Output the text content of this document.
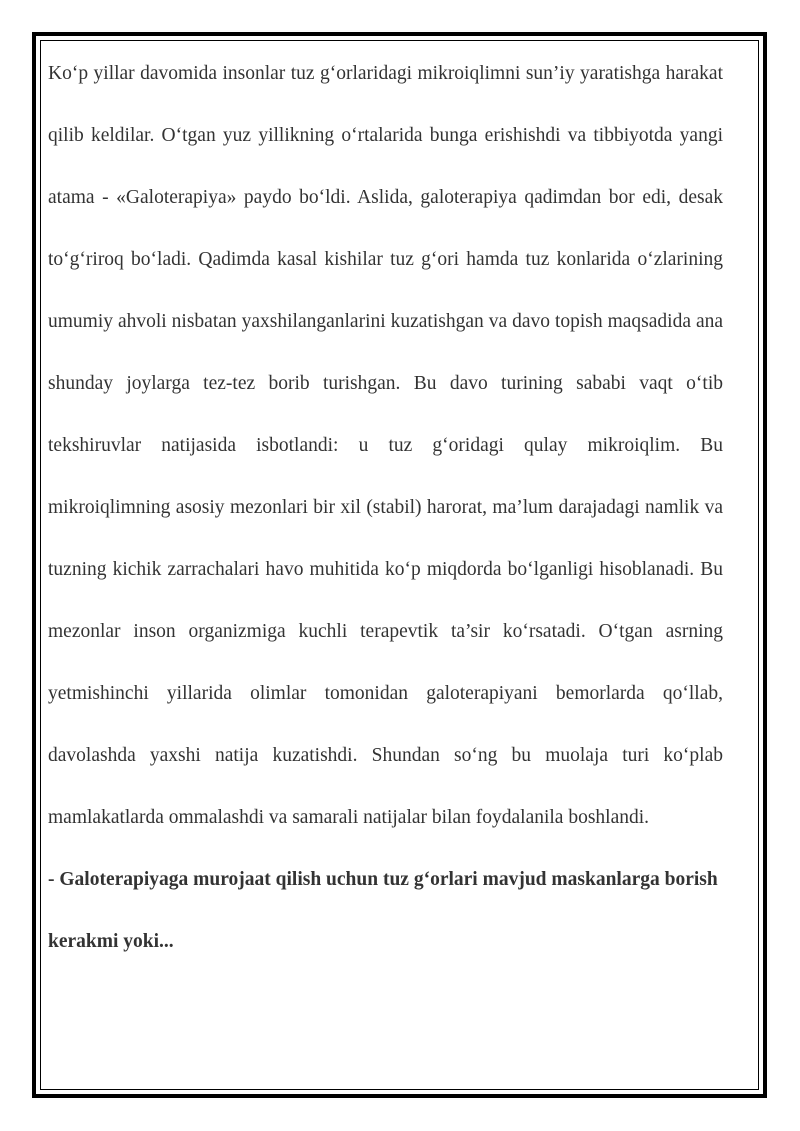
Ko‘p yillar davomida insonlar tuz g‘orlaridagi mikroiqlimni sun’iy yaratishga harakat qilib keldilar. O‘tgan yuz yillikning o‘rtalarida bunga erishishdi va tibbiyotda yangi atama - «Galoterapiya» paydo bo‘ldi. Aslida, galoterapiya qadimdan bor edi, desak to‘g‘riroq bo‘ladi. Qadimda kasal kishilar tuz g‘ori hamda tuz konlarida o‘zlarining umumiy ahvoli nisbatan yaxshilanganlarini kuzatishgan va davo topish maqsadida ana shunday joylarga tez-tez borib turishgan. Bu davo turining sababi vaqt o‘tib tekshiruvlar natijasida isbotlandi: u tuz g‘oridagi qulay mikroiqlim. Bu mikroiqlimning asosiy mezonlari bir xil (stabil) harorat, ma’lum darajadagi namlik va tuzning kichik zarrachalari havo muhitida ko‘p miqdorda bo‘lganligi hisoblanadi. Bu mezonlar inson organizmiga kuchli terapevtik ta’sir ko‘rsatadi. O‘tgan asrning yetmishinchi yillarida olimlar tomonidan galoterapiyani bemorlarda qo‘llab, davolashda yaxshi natija kuzatishdi. Shundan so‘ng bu muolaja turi ko‘plab mamlakatlarda ommalashdi va samarali natijalar bilan foydalanila boshlandi.

- Galoterapiyaga murojaat qilish uchun tuz g‘orlari mavjud maskanlarga borish kerakmi yoki...
